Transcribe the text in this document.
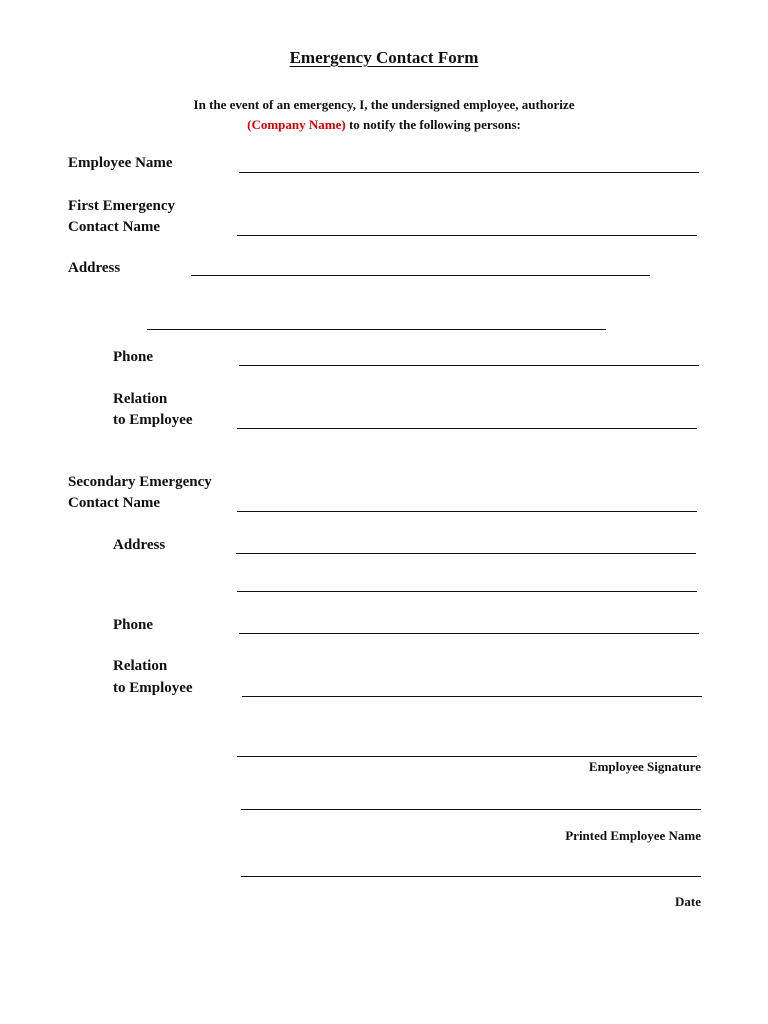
Emergency Contact Form
In the event of an emergency, I, the undersigned employee, authorize
(Company Name) to notify the following persons:
Employee Name
First Emergency
Contact Name
Address
Phone
Relation
to Employee
Secondary Emergency
Contact Name
Address
Phone
Relation
to Employee
Employee Signature
Printed Employee Name
Date
